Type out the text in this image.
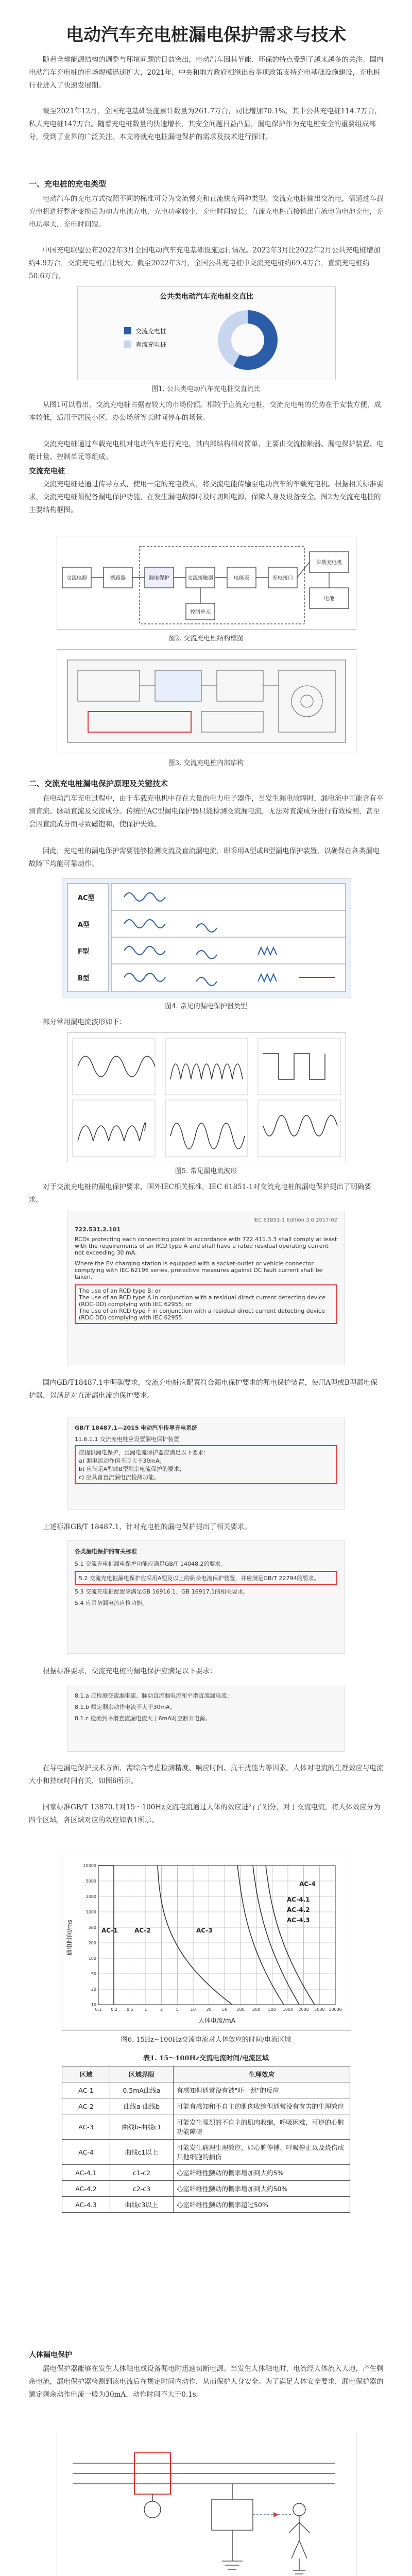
电动汽车充电桩漏电保护需求与技术

随着全球能源结构的调整与环境问题的日益突出，电动汽车因其节能、环保的特点受到了越来越多的关注。国内电动汽车充电桩的市场规模迅速扩大，2021年，中央和地方政府相继出台多项政策支持充电基础设施建设，充电桩行业进入了快速发展期。

截至2021年12月，全国充电基础设施累计数量为261.7万台，同比增加70.1%。其中公共充电桩114.7万台，私人充电桩147万台。随着充电桩数量的快速增长，其安全问题日益凸显，漏电保护作为充电桩安全的重要组成部分，受到了业界的广泛关注。本文将就充电桩漏电保护的需求及技术进行探讨。

一、充电桩的充电类型

电动汽车的充电方式按照不同的标准可分为交流慢充和直流快充两种类型。交流充电桩输出交流电，需通过车载充电机进行整流变换后为动力电池充电，充电功率较小，充电时间较长；直流充电桩直接输出直流电为电池充电，充电功率大，充电时间短。

中国充电联盟公布2022年3月全国电动汽车充电基础设施运行情况。2022年3月比2022年2月公共充电桩增加约4.9万台，交流充电桩占比较大。截至2022年3月，全国公共充电桩中交流充电桩约69.4万台，直流充电桩约50.6万台。

公共类电动汽车充电桩交直比
交流充电桩
直流充电桩
图1. 公共类电动汽车充电桩交直流比

从图1可以看出，交流充电桩占据着较大的市场份额。相较于直流充电桩，交流充电桩的优势在于安装方便，成本较低，适用于居民小区、办公场所等长时间停车的场景。

交流充电桩通过车载充电机对电动汽车进行充电，其内部结构相对简单，主要由交流接触器、漏电保护装置、电能计量、控制单元等组成。

交流充电桩

交流充电桩是通过传导方式，使用一定的充电模式，将交流电能传输至电动汽车的车载充电机。根据相关标准要求，交流充电桩须配备漏电保护功能，在发生漏电故障时及时切断电源，保障人身及设备安全。图2为交流充电桩的主要结构框图。

交流电源	断路器	漏电保护	交流接触器	电能表	充电接口
控制单元
车载充电机
电池
图2. 交流充电桩结构框图
图3. 交流充电桩内部结构

二、交流充电桩漏电保护原理及关键技术

在电动汽车充电过程中，由于车载充电机中存在大量的电力电子器件，当发生漏电故障时，漏电流中可能含有平滑直流、脉动直流及交流成分。传统的AC型漏电保护器只能检测交流漏电流，无法对直流成分进行有效检测，甚至会因直流成分而导致磁饱和，使保护失效。

因此，充电桩的漏电保护需要能够检测交流及直流漏电流，即采用A型或B型漏电保护装置，以确保在各类漏电故障下均能可靠动作。

AC型
A型
F型
B型
图4. 常见的漏电保护器类型

部分常用漏电流波形如下：

图5. 常见漏电流波形

对于交流充电桩的漏电保护要求，国外IEC相关标准，IEC 61851-1对交流充电桩的漏电保护提出了明确要求。

IEC 61851-1 Edition 3.0 2017-02
722.531.2.101
RCDs protecting each connecting point in accordance with 722.411.3.3 shall comply at least with the requirements of an RCD type A and shall have a rated residual operating current not exceeding 30 mA.
Where the EV charging station is equipped with a socket-outlet or vehicle connector complying with IEC 62196 series, protective measures against DC fault current shall be taken.
The use of an RCD type B; or
The use of an RCD type A in conjunction with a residual direct current detecting device (RDC-DD) complying with IEC 62955; or
The use of an RCD type F in conjunction with a residual direct current detecting device (RDC-DD) complying with IEC 62955.

国内GB/T18487.1中明确要求，交流充电桩应配置符合漏电保护要求的漏电保护装置，使用A型或B型漏电保护器，以满足对直流漏电流的保护要求。

GB/T 18487.1—2015 电动汽车传导充电系统
11.6.1.1 交流充电桩应设置漏电保护装置
应提供漏电保护，且漏电流保护器应满足以下要求：
a) 漏电流动作值不应大于30mA；
b) 应满足A型或B型剩余电流保护的要求；
c) 应具备直流漏电流检测功能。

上述标准GB/T 18487.1，针对充电桩的漏电保护提出了相关要求。

各类漏电保护的有关标准
5.1 交流充电桩漏电保护功能应满足GB/T 14048.2的要求。
5.2 交流充电桩漏电保护应采用A型及以上的剩余电流保护装置，并应满足GB/T 22794的要求。
5.3 交流充电桩配置应满足GB 16916.1、GB 16917.1的相关要求。
5.4 应具备漏电流自检功能。

根据标准要求，交流充电桩的漏电保护应满足以下要求：

8.1.a 应检测交流漏电流、脉动直流漏电流和平滑直流漏电流；
8.1.b 额定剩余动作电流不大于30mA；
8.1.c 检测到平滑直流漏电流大于6mA时应断开电源。

在导电漏电保护技术方面，需综合考虑检测精度、响应时间、抗干扰能力等因素。人体对电流的生理效应与电流大小和持续时间有关，如图6所示。

国家标准GB/T 13870.1对15～100Hz交流电流通过人体的效应进行了划分，对于交流电流，将人体效应分为四个区域，各区域对应的效应如表1所示。

AC-1	AC-2	AC-3
AC-4
AC-4.1
AC-4.2
AC-4.3
0.1 0.2 0.5	1	2	5	10	20	50 100 200 500 1000 2000 5000 10000
10
20
50
100
200
500
1000
2000
5000
10000
人体电流/mA
通电时间/ms
图6. 15Hz~100Hz交流电流对人体效应的时间/电流区域
表1. 15～100Hz交流电流时间/电流区域
区域	区域界限	生理效应
AC-1	0.5mA曲线a	有感知但通常没有被"吓一跳"的反应
AC-2	曲线a-曲线b	可能有感知和不自主的肌肉收缩但通常没有有害的生理效应
AC-3	曲线b-曲线c1	可能发生强烈的不自主的肌肉收缩，呼吸困难，可逆的心脏功能障碍
AC-4	曲线c1以上	可能发生病理生理效应，如心脏停搏、呼吸停止以及烧伤或其他细胞的损伤
AC-4.1	c1-c2	心室纤维性颤动的概率增加到大约5%
AC-4.2	c2-c3	心室纤维性颤动的概率增加到大约50%
AC-4.3	曲线c3以上	心室纤维性颤动的概率超过50%

人体漏电保护

漏电保护器能够在发生人体触电或设备漏电时迅速切断电源。当发生人体触电时，电流经人体流入大地，产生剩余电流，漏电保护器检测到该电流后在规定时间内动作，从而保护人身安全。为了满足人体安全要求，漏电保护器的额定剩余动作电流一般为30mA，动作时间不大于0.1s。
